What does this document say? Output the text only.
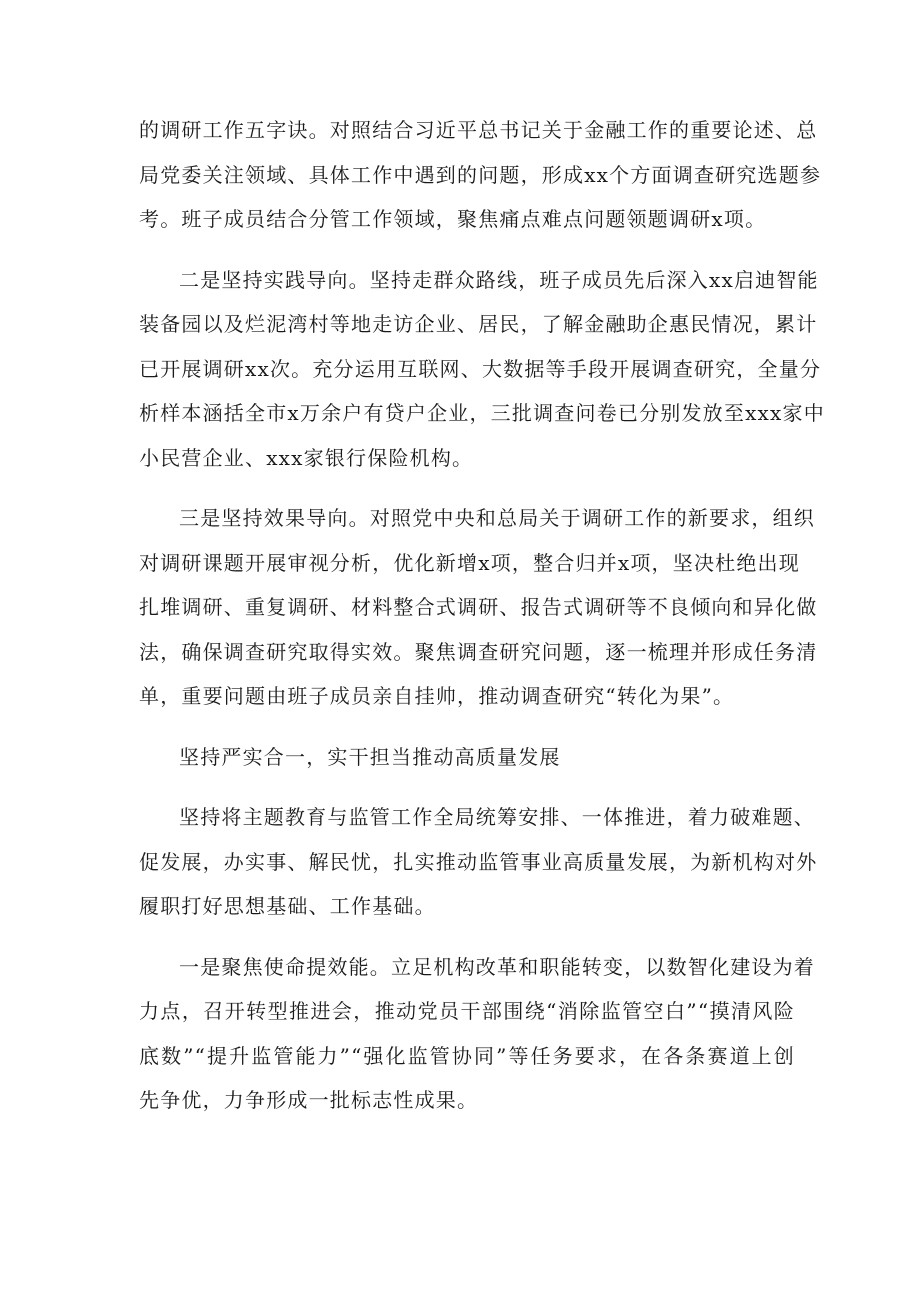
的调研工作五字诀。对照结合习近平总书记关于金融工作的重要论述、总
局党委关注领域、具体工作中遇到的问题，形成xx个方面调查研究选题参
考。班子成员结合分管工作领域，聚焦痛点难点问题领题调研x项。
二是坚持实践导向。坚持走群众路线，班子成员先后深入xx启迪智能
装备园以及烂泥湾村等地走访企业、居民，了解金融助企惠民情况，累计
已开展调研xx次。充分运用互联网、大数据等手段开展调查研究，全量分
析样本涵括全市x万余户有贷户企业，三批调查问卷已分别发放至xxx家中
小民营企业、xxx家银行保险机构。
三是坚持效果导向。对照党中央和总局关于调研工作的新要求，组织
对调研课题开展审视分析，优化新增x项，整合归并x项，坚决杜绝出现
扎堆调研、重复调研、材料整合式调研、报告式调研等不良倾向和异化做
法，确保调查研究取得实效。聚焦调查研究问题，逐一梳理并形成任务清
单，重要问题由班子成员亲自挂帅，推动调查研究“转化为果”。
坚持严实合一，实干担当推动高质量发展
坚持将主题教育与监管工作全局统筹安排、一体推进，着力破难题、
促发展，办实事、解民忧，扎实推动监管事业高质量发展，为新机构对外
履职打好思想基础、工作基础。
一是聚焦使命提效能。立足机构改革和职能转变，以数智化建设为着
力点，召开转型推进会，推动党员干部围绕“消除监管空白”“摸清风险
底数”“提升监管能力”“强化监管协同”等任务要求，在各条赛道上创
先争优，力争形成一批标志性成果。
